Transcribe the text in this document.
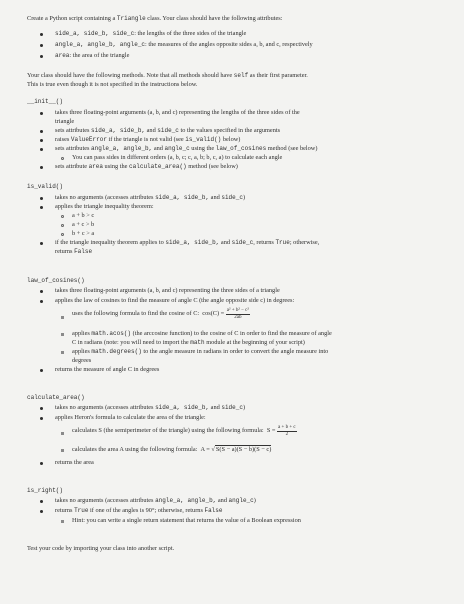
Create a Python script containing a Triangle class. Your class should have the following attributes:
side_a, side_b, side_c: the lengths of the three sides of the triangle
angle_a, angle_b, angle_c: the measures of the angles opposite sides a, b, and c, respectively
area: the area of the triangle
Your class should have the following methods. Note that all methods should have self as their first parameter.
This is true even though it is not specified in the instructions below.
__init__()
takes three floating-point arguments (a, b, and c) representing the lengths of the three sides of the
triangle
sets attributes side_a, side_b, and side_c to the values specified in the arguments
raises ValueError if the triangle is not valid (see is_valid() below)
sets attributes angle_a, angle_b, and angle_c using the law_of_cosines method (see below)
You can pass sides in different orders (a, b, c; c, a, b; b, c, a) to calculate each angle
sets attribute area using the calculate_area() method (see below)
is_valid()
takes no arguments (accesses attributes side_a, side_b, and side_c)
applies the triangle inequality theorem:
a + b > c
a + c > b
b + c > a
if the triangle inequality theorem applies to side_a, side_b, and side_c, returns True; otherwise,
returns False
law_of_cosines()
takes three floating-point arguments (a, b, and c) representing the three sides of a triangle
applies the law of cosines to find the measure of angle C (the angle opposite side c) in degrees:
uses the following formula to find the cosine of C: $\cos(C) = \frac{\text{a² + b² − c²}}{2ab}$
applies math.acos() (the arccosine function) to the cosine of C in order to find the measure of angle
C in radians (note: you will need to import the math module at the beginning of your script)
applies math.degrees() to the angle measure in radians in order to convert the angle measure into
degrees
returns the measure of angle C in degrees
calculate_area()
takes no arguments (accesses attributes side_a, side_b, and side_c)
applies Heron's formula to calculate the area of the triangle:
calculates S (the semiperimeter of the triangle) using the following formula: $S = \frac{a + b + c}{2}$
calculates the area A using the following formula: A = √S(S − a)(S − b)(S − c)
returns the area
is_right()
takes no arguments (accesses attributes angle_a, angle_b, and angle_c)
returns True if one of the angles is 90°; otherwise, returns False
Hint: you can write a single return statement that returns the value of a Boolean expression
Test your code by importing your class into another script.
